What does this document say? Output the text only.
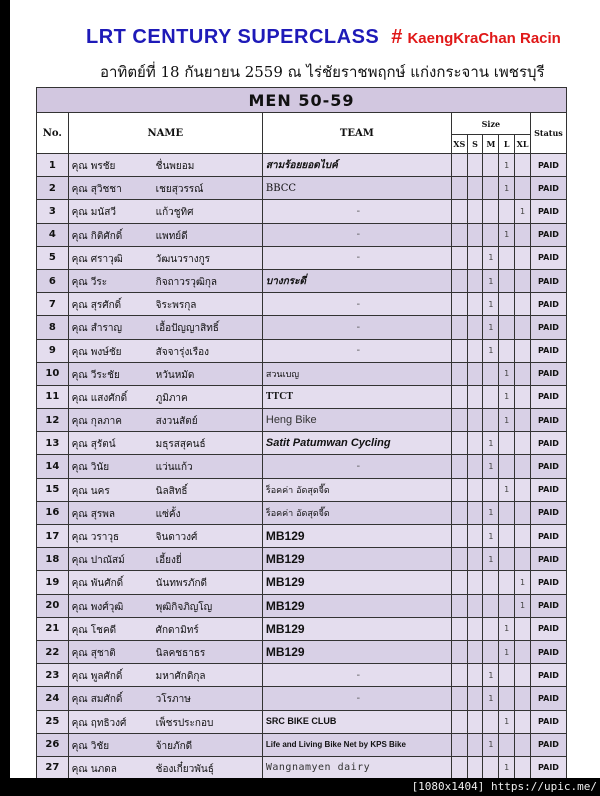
LRT CENTURY SUPERCLASS # KaengKraChan Racin
อาทิตย์ที่ 18 กันยายน 2559 ณ ไร่ชัยราชพฤกษ์ แก่งกระจาน เพชรบุรี
MEN 50-59								
No.	NAME	TEAM	Size					Status
			XS	S	M	L	XL	
1	คุณ พรชัย ชื่นพยอม	สามร้อยยอดไบค์				1		PAID
2	คุณ สุวิชชา เชยสุวรรณ์	BBCC				1		PAID
3	คุณ มนัสวี แก้วชูทิศ	-					1	PAID
4	คุณ กิติศักดิ์ แพทย์ดี	-				1		PAID
5	คุณ ศราวุฒิ วัฒนวรางกูร	-			1			PAID
6	คุณ วีระ กิจถาวรวุฒิกุล	บางกระดี่			1			PAID
7	คุณ สุรศักดิ์ จิระพรกุล	-			1			PAID
8	คุณ สำราญ เอื้อปัญญาสิทธิ์	-			1			PAID
9	คุณ พงษ์ชัย สัจจารุ่งเรือง	-			1			PAID
10	คุณ วีระชัย หวันหมัด	สวนเบญ				1		PAID
11	คุณ แสงศักดิ์ ภูมิภาค	TTCT				1		PAID
12	คุณ กุลภาค สงวนสัตย์	Heng Bike				1		PAID
13	คุณ สุรัตน์ มธุรสสุคนธ์	Satit Patumwan Cycling			1			PAID
14	คุณ วินัย แว่นแก้ว	-			1			PAID
15	คุณ นคร นิลสิทธิ์	ร็อคค่า อัดสุดจี๊ด				1		PAID
16	คุณ สุรพล แซ่คั้ง	ร็อคค่า อัดสุดจี๊ด			1			PAID
17	คุณ วราวุธ จินดาวงศ์	MB129			1			PAID
18	คุณ ปาณัสม์ เอี้ยงยี่	MB129			1			PAID
19	คุณ พันศักดิ์ นันทพรภักดี	MB129					1	PAID
20	คุณ พงศ์วุฒิ พุฒิกิจภิญโญ	MB129					1	PAID
21	คุณ โชคดี ศักดามิทร์	MB129				1		PAID
22	คุณ สุชาติ นิลคชธาธร	MB129				1		PAID
23	คุณ พูลศักดิ์ มหาศักดิกุล	-			1			PAID
24	คุณ สมศักดิ์ วโรภาษ	-			1			PAID
25	คุณ ฤทธิวงศ์ เพ็ชรประกอบ	SRC BIKE CLUB				1		PAID
26	คุณ วิชัย จ้ายภักดี	Life and Living Bike Net by KPS Bike			1			PAID
27	คุณ นภดล ช้องเกี๋ยวพันธุ์	Wangnamyen dairy				1		PAID
[1080x1404] https://upic.me/
